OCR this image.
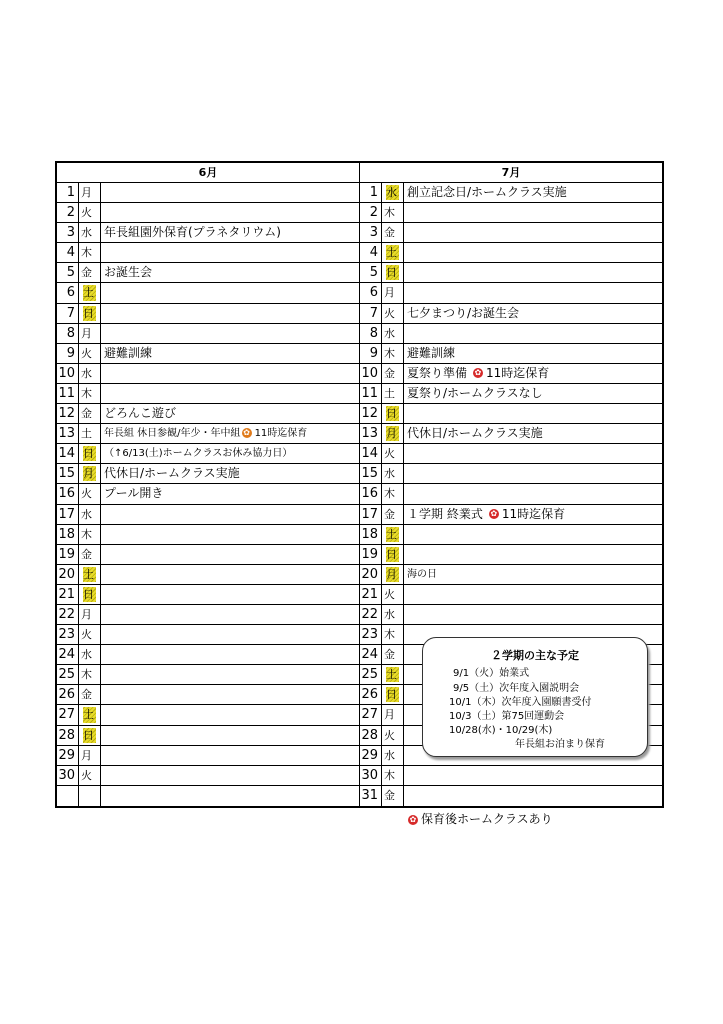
6月
1 月
2 火
3 水	年長組園外保育(プラネタリウム)
4 木
5 金	お誕生会
6 土
7 日
8 月
9 火	避難訓練
10 水
11 木
12 金	どろんこ遊び
13 土	年長組 休日参観/年少・年中組 ✿ 11時迄保育
14 日	（↑6/13(土)ホームクラスお休み協力日）
15 月 代休日/ホームクラス実施
16 火	プール開き
17 水
18 木
19 金
20 土
21 日
22 月
23 火
24 水
25 木
26 金
27 土
28 日
29 月
30 火
7月
1 水 創立記念日/ホームクラス実施
2 木
3 金
4 土
5 日
6 月
7 火	七夕まつり/お誕生会
8 水
9 木	避難訓練
10 金	夏祭り準備 ✿ 11時迄保育
11 土	夏祭り/ホームクラスなし
12 日
13 月 代休日/ホームクラス実施
14 火
15 水
16 木
17 金	１学期 終業式 ✿ 11時迄保育
18 土
19 日
20 月	海の日
21 火
22 水
23 木
24 金
25 土
26 日
27 月
28 火
29 水
30 木
31 金
２学期の主な予定
9/1（火）始業式
9/5（土）次年度入園説明会
10/1（木）次年度入園願書受付
10/3（土）第75回運動会
10/28(水)・10/29(木)
年長組お泊まり保育
✿ 保育後ホームクラスあり
